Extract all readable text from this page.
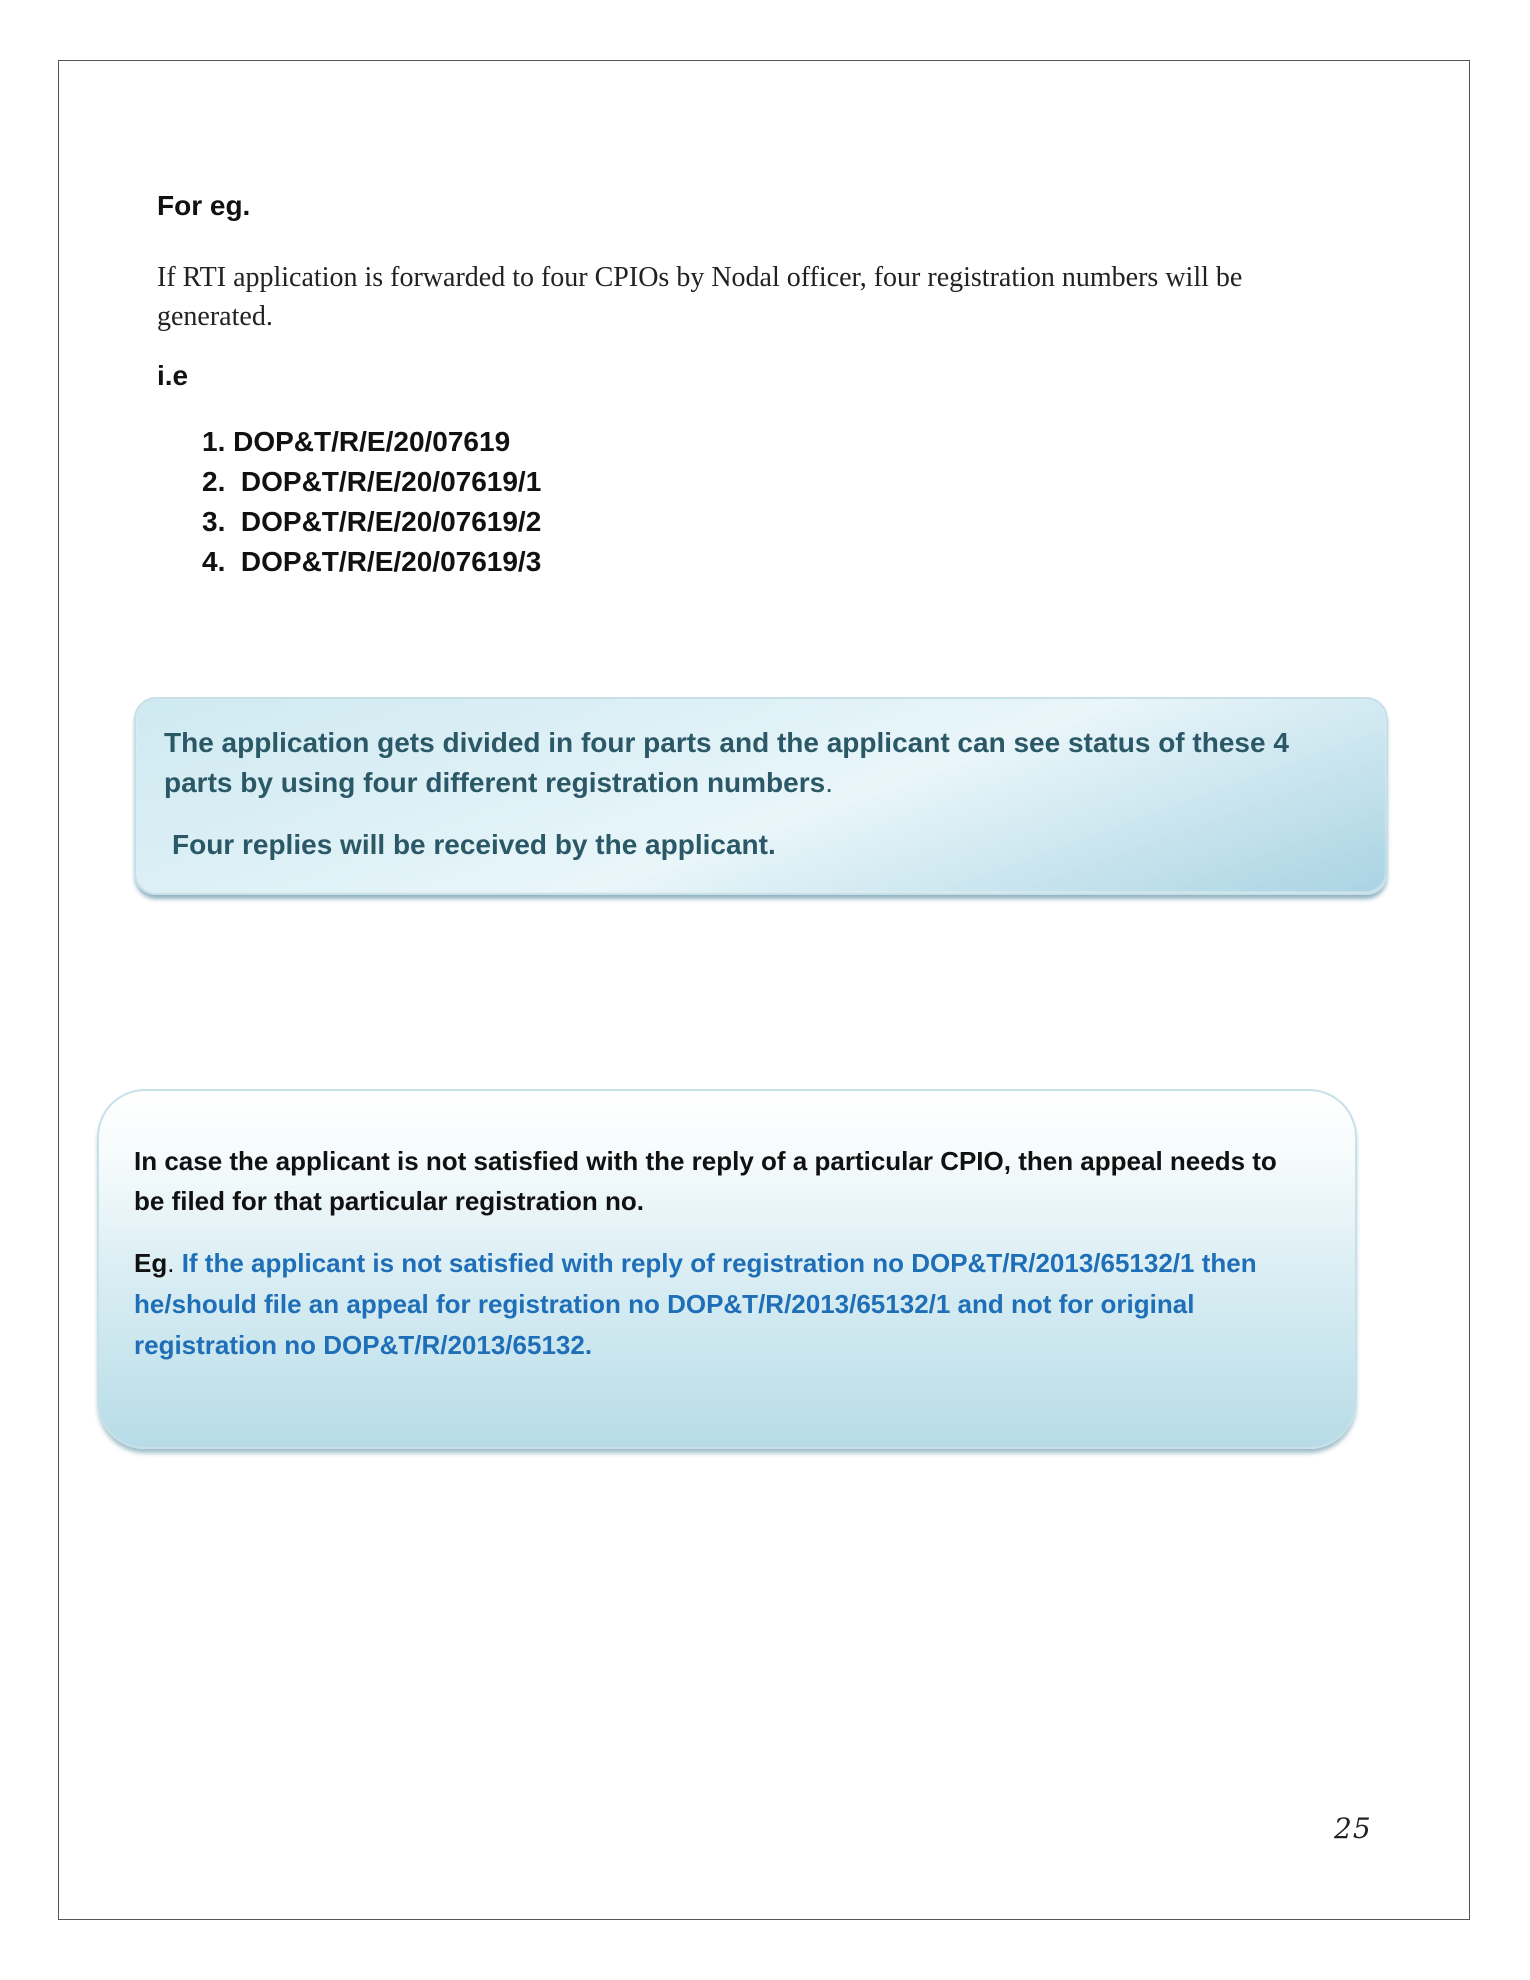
For eg.
If RTI application is forwarded to four CPIOs by Nodal officer, four registration numbers will be generated.
i.e
1. DOP&T/R/E/20/07619
2.  DOP&T/R/E/20/07619/1
3.  DOP&T/R/E/20/07619/2
4.  DOP&T/R/E/20/07619/3
The application gets divided in four parts and the applicant can see status of these 4 parts by using four different registration numbers.
Four replies will be received by the applicant.
In case the applicant is not satisfied with the reply of a particular CPIO, then appeal needs to be filed for that particular registration no.
Eg. If the applicant is not satisfied with reply of registration no DOP&T/R/2013/65132/1 then he/should file an appeal for registration no DOP&T/R/2013/65132/1 and not for original registration no DOP&T/R/2013/65132.
25
